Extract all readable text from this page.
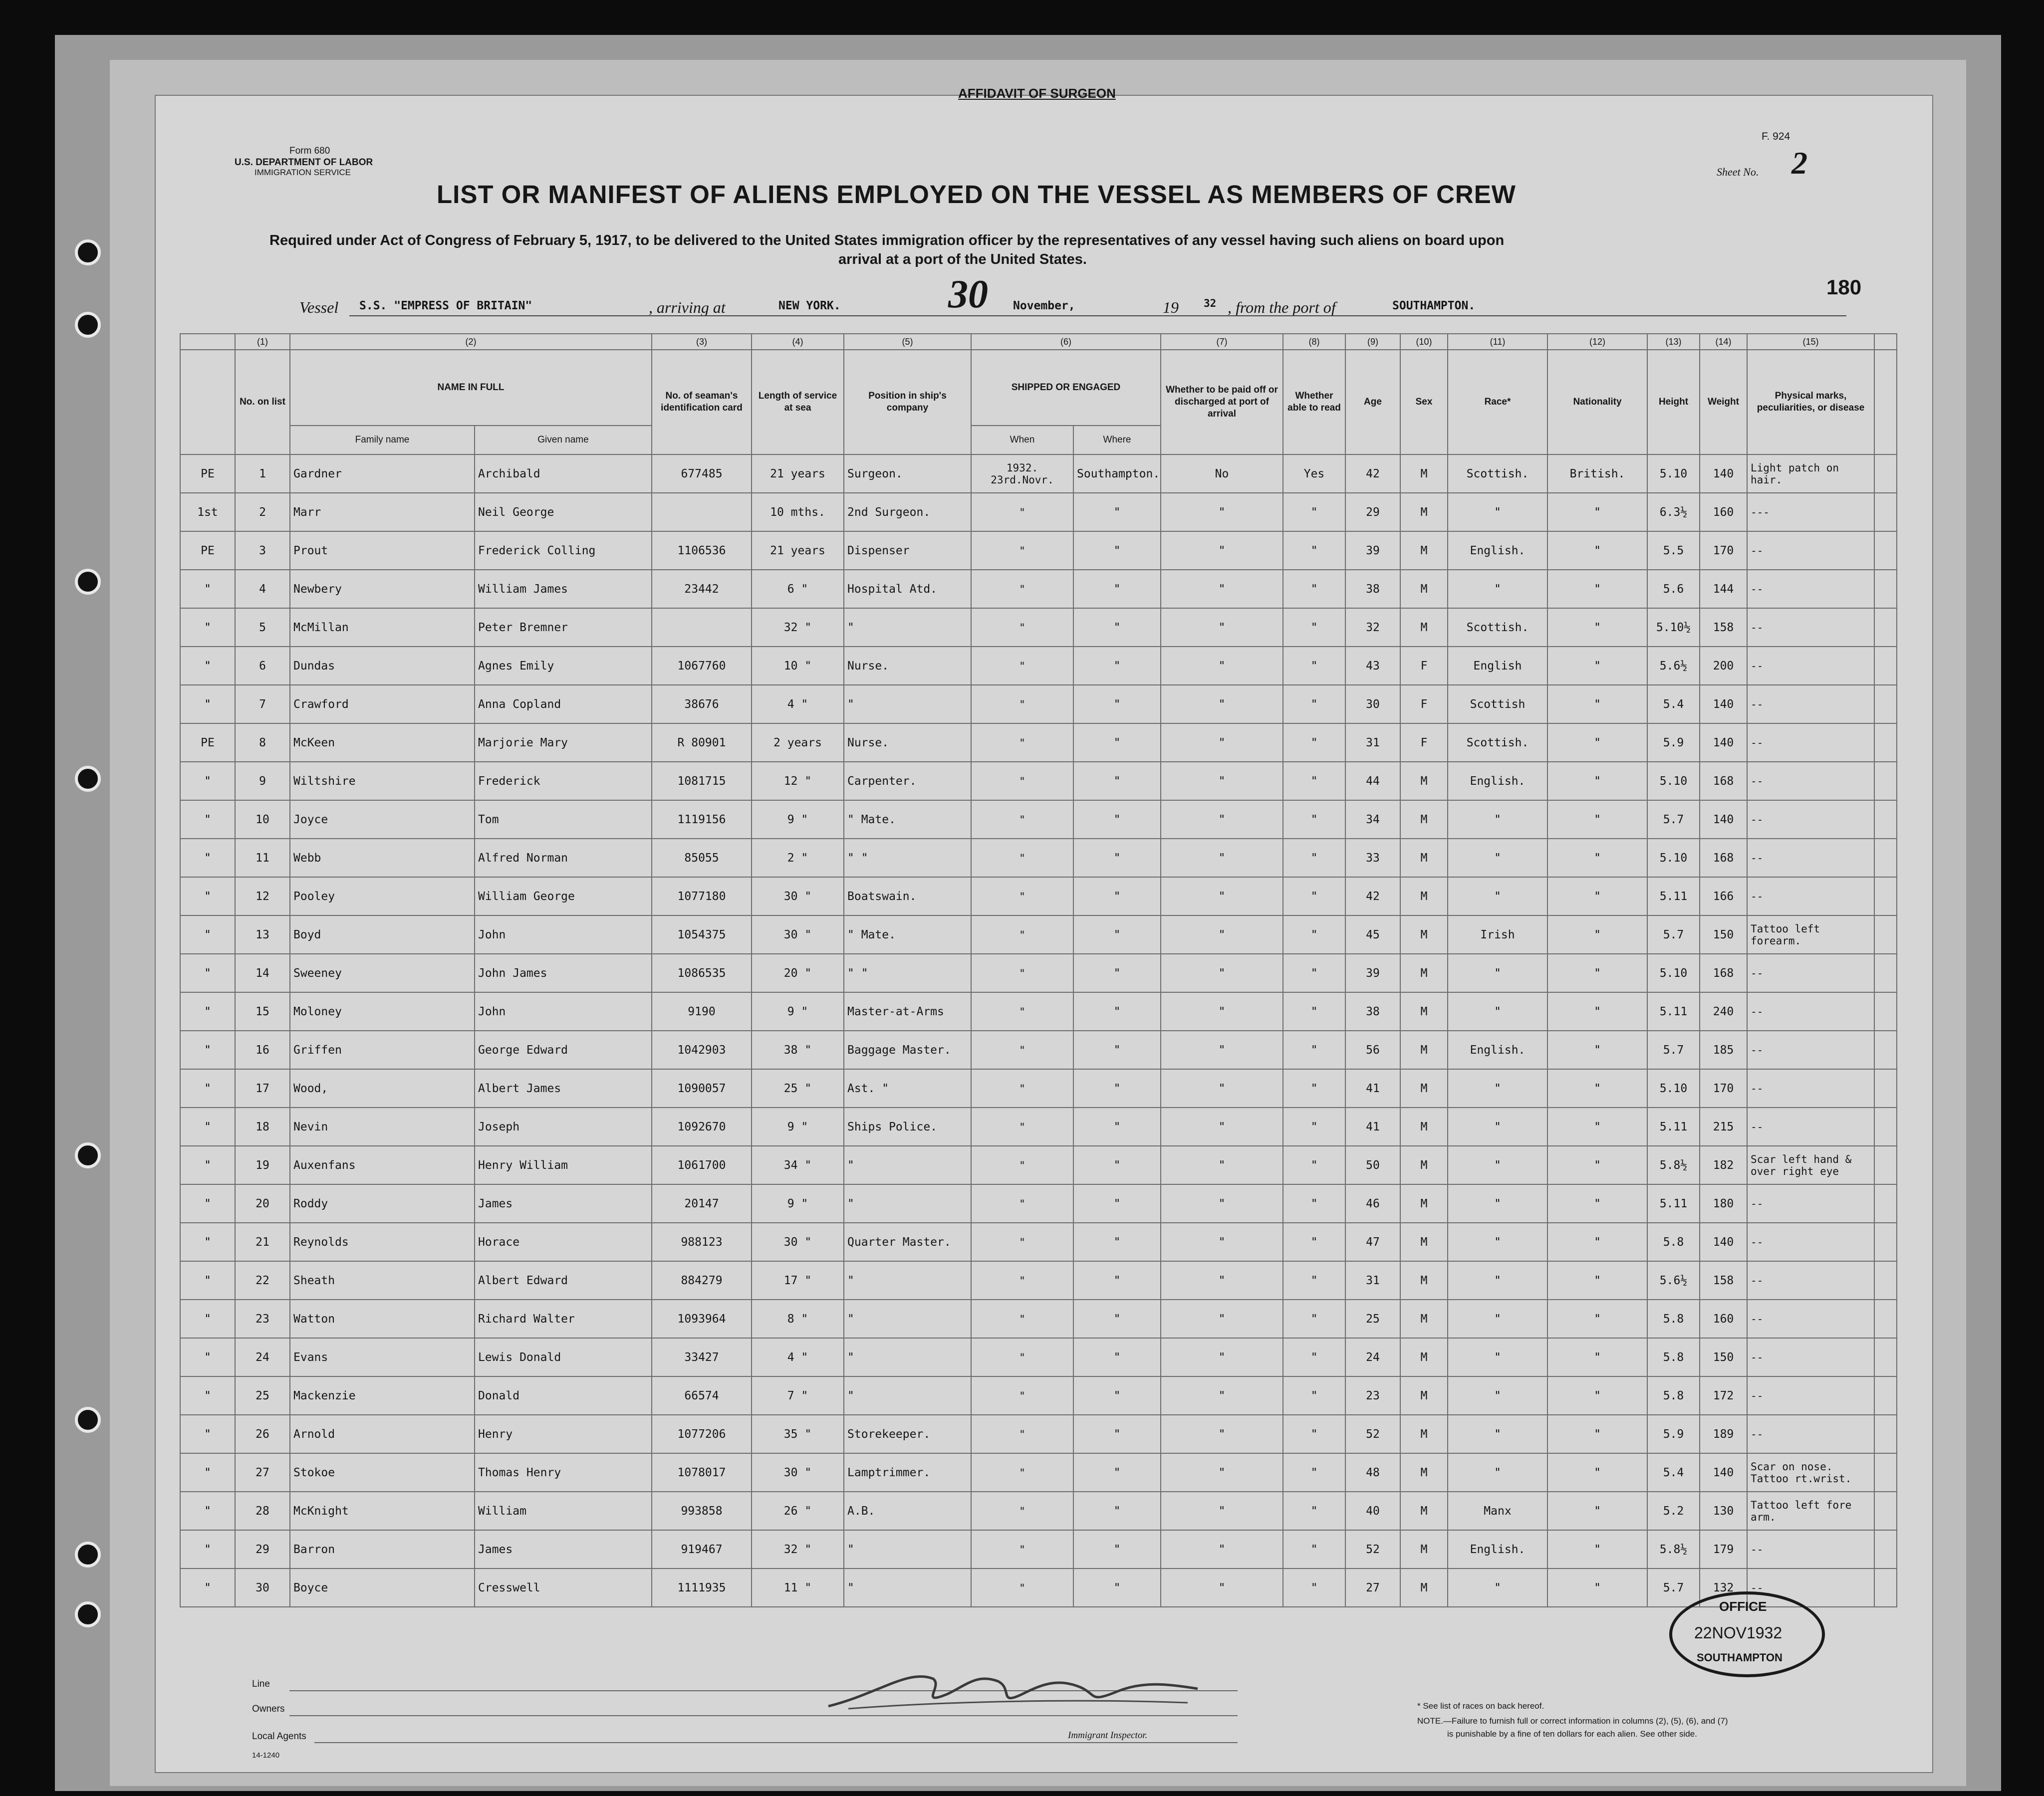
AFFIDAVIT OF SURGEON
Form 680
U.S. DEPARTMENT OF LABOR
IMMIGRATION SERVICE
F. 924
Sheet No. 2
LIST OR MANIFEST OF ALIENS EMPLOYED ON THE VESSEL AS MEMBERS OF CREW
Required under Act of Congress of February 5, 1917, to be delivered to the United States immigration officer by the representatives of any vessel having such aliens on board upon
arrival at a port of the United States.
180
Vessel S.S. "EMPRESS OF BRITAIN"	, arriving at	NEW YORK.	30 November,	19 32 , from the port of	SOUTHAMPTON.
	(1)	(2)		(3)	(4)	(5)	(6)		(7)	(8)	(9)	(10)	(11)	(12)	(13)	(14)	(15)	
	No. on list	NAME IN FULL		No. of seaman's identification card	Length of service at sea	Position in ship's company	SHIPPED OR ENGAGED		Whether to be paid off or discharged at port of arrival	Whether able to read	Age	Sex	Race*	Nationality	Height	Weight	Physical marks, peculiarities, or disease	
		Family name	Given name				When	Where										
PE	1	Gardner	Archibald	677485	21 years	Surgeon.	1932. 23rd.Novr.	Southampton.	No	Yes	42	M	Scottish.	British.	5.10	140	Light patch on hair.	
1st	2	Marr	Neil George		10 mths.	2nd Surgeon.	"	"	"	"	29	M	"	"	6.3½	160	---	
PE	3	Prout	Frederick Colling	1106536	21 years	Dispenser	"	"	"	"	39	M	English.	"	5.5	170	--	
"	4	Newbery	William James	23442	6 "	Hospital Atd.	"	"	"	"	38	M	"	"	5.6	144	--	
"	5	McMillan	Peter Bremner		32 "	"	"	"	"	"	32	M	Scottish.	"	5.10½	158	--	
"	6	Dundas	Agnes Emily	1067760	10 "	Nurse.	"	"	"	"	43	F	English	"	5.6½	200	--	
"	7	Crawford	Anna Copland	38676	4 "	"	"	"	"	"	30	F	Scottish	"	5.4	140	--	
PE	8	McKeen	Marjorie Mary	R 80901	2 years	Nurse.	"	"	"	"	31	F	Scottish.	"	5.9	140	--	
"	9	Wiltshire	Frederick	1081715	12 "	Carpenter.	"	"	"	"	44	M	English.	"	5.10	168	--	
"	10	Joyce	Tom	1119156	9 "	" Mate.	"	"	"	"	34	M	"	"	5.7	140	--	
"	11	Webb	Alfred Norman	85055	2 "	" "	"	"	"	"	33	M	"	"	5.10	168	--	
"	12	Pooley	William George	1077180	30 "	Boatswain.	"	"	"	"	42	M	"	"	5.11	166	--	
"	13	Boyd	John	1054375	30 "	" Mate.	"	"	"	"	45	M	Irish	"	5.7	150	Tattoo left forearm.	
"	14	Sweeney	John James	1086535	20 "	" "	"	"	"	"	39	M	"	"	5.10	168	--	
"	15	Moloney	John	9190	9 "	Master-at-Arms	"	"	"	"	38	M	"	"	5.11	240	--	
"	16	Griffen	George Edward	1042903	38 "	Baggage Master.	"	"	"	"	56	M	English.	"	5.7	185	--	
"	17	Wood,	Albert James	1090057	25 "	Ast. "	"	"	"	"	41	M	"	"	5.10	170	--	
"	18	Nevin	Joseph	1092670	9 "	Ships Police.	"	"	"	"	41	M	"	"	5.11	215	--	
"	19	Auxenfans	Henry William	1061700	34 "	"	"	"	"	"	50	M	"	"	5.8½	182	Scar left hand & over right eye	
"	20	Roddy	James	20147	9 "	"	"	"	"	"	46	M	"	"	5.11	180	--	
"	21	Reynolds	Horace	988123	30 "	Quarter Master.	"	"	"	"	47	M	"	"	5.8	140	--	
"	22	Sheath	Albert Edward	884279	17 "	"	"	"	"	"	31	M	"	"	5.6½	158	--	
"	23	Watton	Richard Walter	1093964	8 "	"	"	"	"	"	25	M	"	"	5.8	160	--	
"	24	Evans	Lewis Donald	33427	4 "	"	"	"	"	"	24	M	"	"	5.8	150	--	
"	25	Mackenzie	Donald	66574	7 "	"	"	"	"	"	23	M	"	"	5.8	172	--	
"	26	Arnold	Henry	1077206	35 "	Storekeeper.	"	"	"	"	52	M	"	"	5.9	189	--	
"	27	Stokoe	Thomas Henry	1078017	30 "	Lamptrimmer.	"	"	"	"	48	M	"	"	5.4	140	Scar on nose. Tattoo rt.wrist.	
"	28	McKnight	William	993858	26 "	A.B.	"	"	"	"	40	M	Manx	"	5.2	130	Tattoo left fore arm.	
"	29	Barron	James	919467	32 "	"	"	"	"	"	52	M	English.	"	5.8½	179	--	
"	30	Boyce	Cresswell	1111935	11 "	"	"	"	"	"	27	M	"	"	5.7	132	--	
Line
Owners
Local Agents
14-1240
Immigrant Inspector.
* See list of races on back hereof.
NOTE.—Failure to furnish full or correct information in columns (2), (5), (6), and (7)
is punishable by a fine of ten dollars for each alien. See other side.
OFFICE
22NOV1932
SOUTHAMPTON
